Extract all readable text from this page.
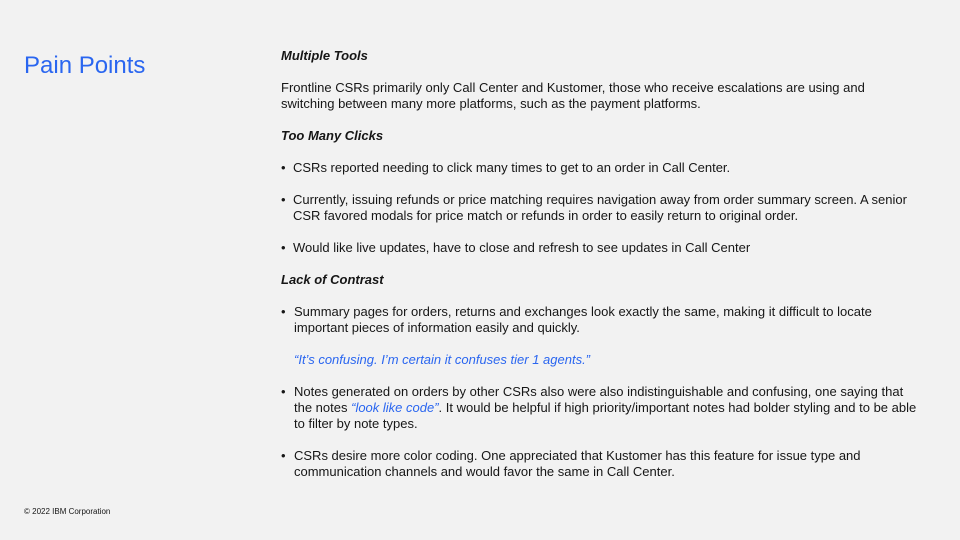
Pain Points	Multiple Tools

Frontline CSRs primarily only Call Center and Kustomer, those who receive escalations are using and switching between many more platforms, such as the payment platforms.

Too Many Clicks

• CSRs reported needing to click many times to get to an order in Call Center.
• Currently, issuing refunds or price matching requires navigation away from order summary screen. A senior CSR favored modals for price match or refunds in order to easily return to original order.
• Would like live updates, have to close and refresh to see updates in Call Center

Lack of Contrast

• Summary pages for orders, returns and exchanges look exactly the same, making it difficult to locate important pieces of information easily and quickly.

“It’s confusing. I’m certain it confuses tier 1 agents.”

• Notes generated on orders by other CSRs also were also indistinguishable and confusing, one saying that the notes “look like code”. It would be helpful if high priority/important notes had bolder styling and to be able to filter by note types.
• CSRs desire more color coding. One appreciated that Kustomer has this feature for issue type and communication channels and would favor the same in Call Center.
© 2022 IBM Corporation
